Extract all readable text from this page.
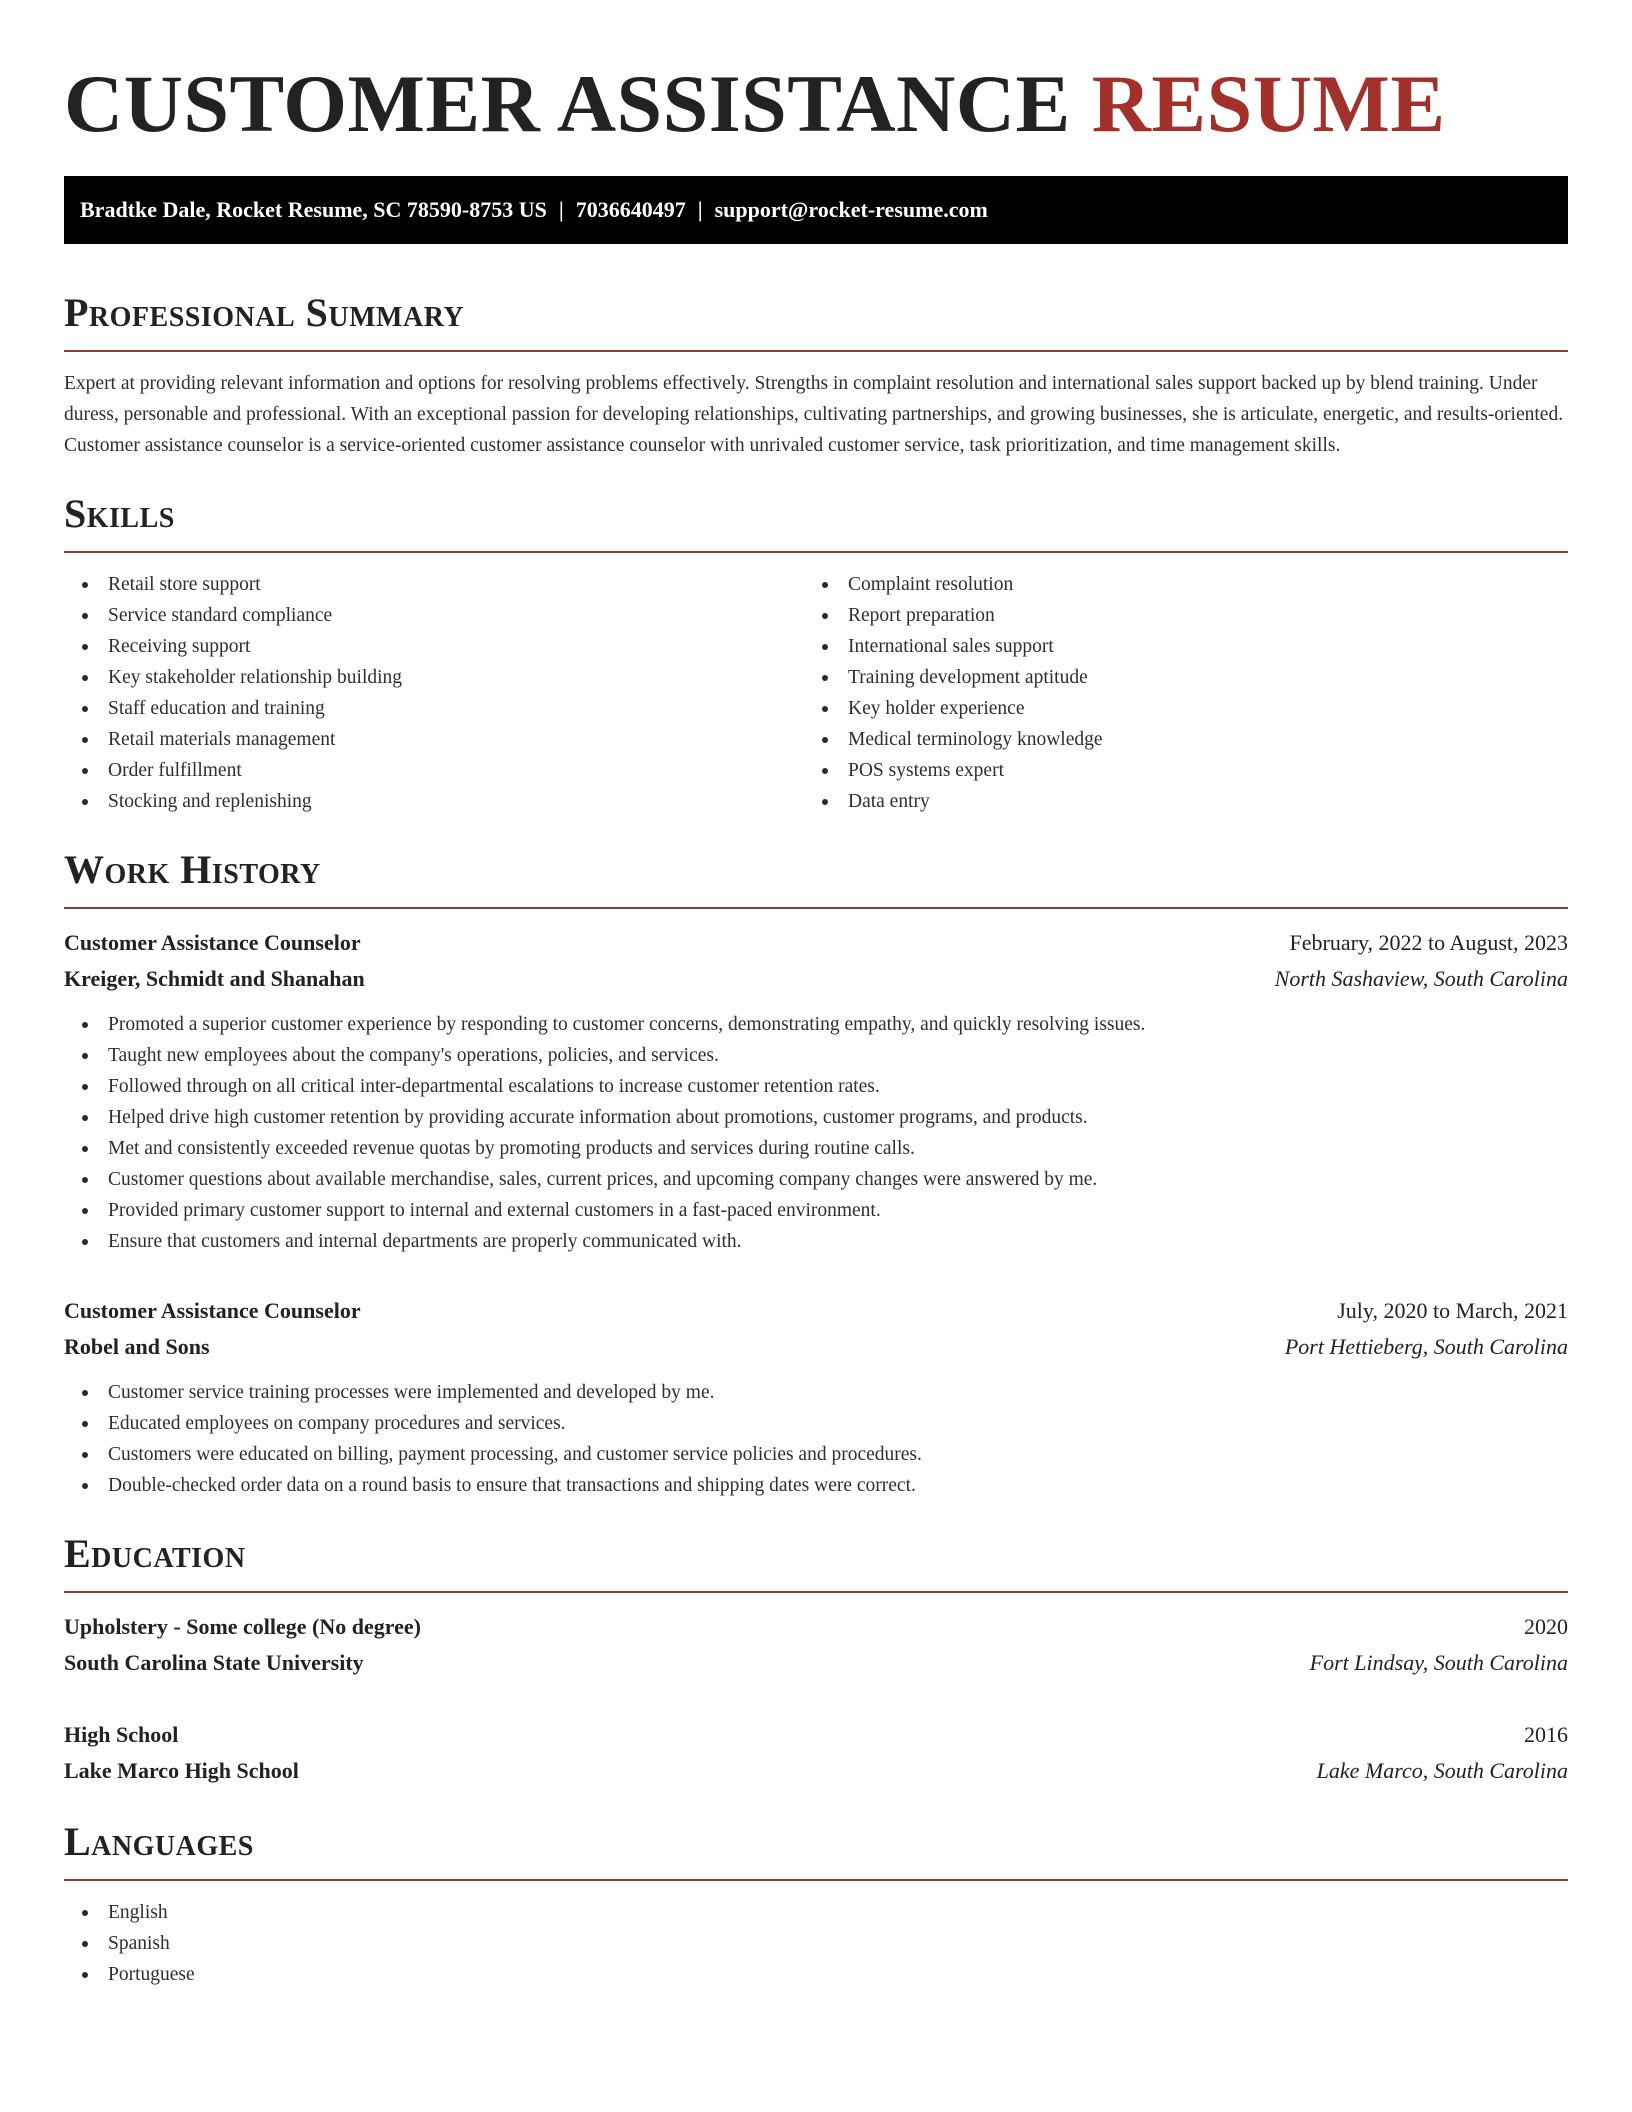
CUSTOMER ASSISTANCE RESUME
Bradtke Dale, Rocket Resume, SC 78590-8753 US | 7036640497 | support@rocket-resume.com
Professional Summary

Expert at providing relevant information and options for resolving problems effectively. Strengths in complaint resolution and international sales support backed up by blend training. Under duress, personable and professional. With an exceptional passion for developing relationships, cultivating partnerships, and growing businesses, she is articulate, energetic, and results-oriented. Customer assistance counselor is a service-oriented customer assistance counselor with unrivaled customer service, task prioritization, and time management skills.

Skills
Retail store support
Service standard compliance
Receiving support
Key stakeholder relationship building
Staff education and training
Retail materials management
Order fulfillment
Stocking and replenishing
Complaint resolution
Report preparation
International sales support
Training development aptitude
Key holder experience
Medical terminology knowledge
POS systems expert
Data entry
Work History
Customer Assistance Counselor	February, 2022 to August, 2023
Kreiger, Schmidt and Shanahan	North Sashaview, South Carolina
Promoted a superior customer experience by responding to customer concerns, demonstrating empathy, and quickly resolving issues.
Taught new employees about the company's operations, policies, and services.
Followed through on all critical inter-departmental escalations to increase customer retention rates.
Helped drive high customer retention by providing accurate information about promotions, customer programs, and products.
Met and consistently exceeded revenue quotas by promoting products and services during routine calls.
Customer questions about available merchandise, sales, current prices, and upcoming company changes were answered by me.
Provided primary customer support to internal and external customers in a fast-paced environment.
Ensure that customers and internal departments are properly communicated with.
Customer Assistance Counselor	July, 2020 to March, 2021
Robel and Sons	Port Hettieberg, South Carolina
Customer service training processes were implemented and developed by me.
Educated employees on company procedures and services.
Customers were educated on billing, payment processing, and customer service policies and procedures.
Double-checked order data on a round basis to ensure that transactions and shipping dates were correct.
Education
Upholstery - Some college (No degree)	2020
South Carolina State University	Fort Lindsay, South Carolina
High School	2016
Lake Marco High School	Lake Marco, South Carolina
Languages
English
Spanish
Portuguese
